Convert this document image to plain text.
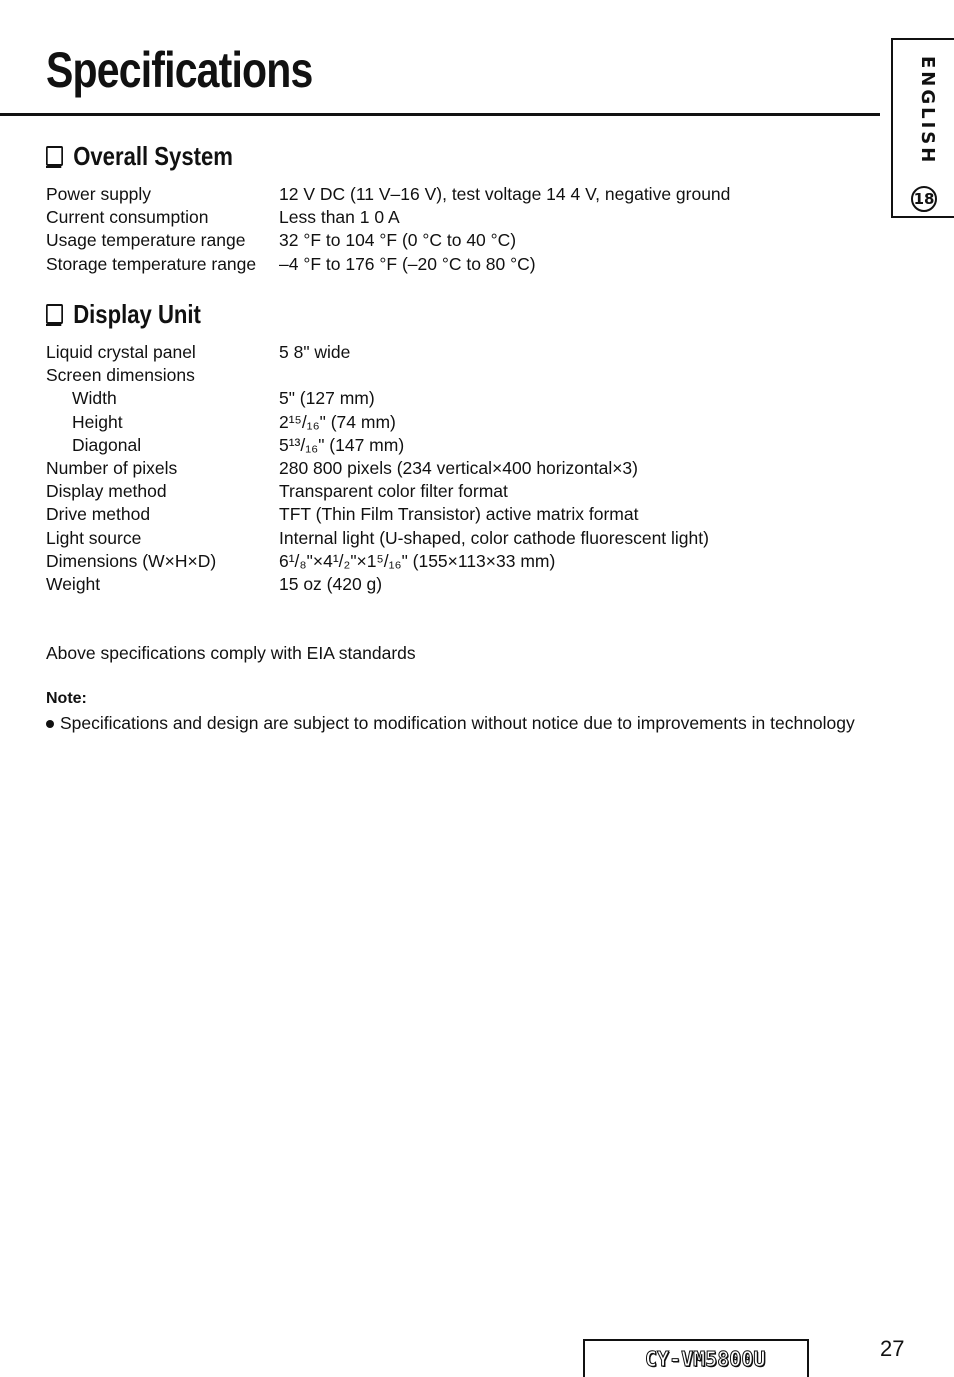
Specifications	ENGLISH
18
Overall System
Power supply	12 V DC (11 V–16 V), test voltage 14 4 V, negative ground
Current consumption	Less than 1 0 A
Usage temperature range	32 °F to 104 °F (0 °C to 40 °C)
Storage temperature range	–4 °F to 176 °F (–20 °C to 80 °C)
Display Unit
Liquid crystal panel	5 8" wide
Screen dimensions
Width	5" (127 mm)
Height	2¹⁵/₁₆" (74 mm)
Diagonal	5¹³/₁₆" (147 mm)
Number of pixels	280 800 pixels (234 vertical×400 horizontal×3)
Display method	Transparent color filter format
Drive method	TFT (Thin Film Transistor) active matrix format
Light source	Internal light (U-shaped, color cathode fluorescent light)
Dimensions (W×H×D)	6¹/₈"×4¹/₂"×1⁵/₁₆" (155×113×33 mm)
Weight	15 oz (420 g)
Above specifications comply with EIA standards
Note:
Specifications and design are subject to modification without notice due to improvements in technology
CY-VM5800U	27
